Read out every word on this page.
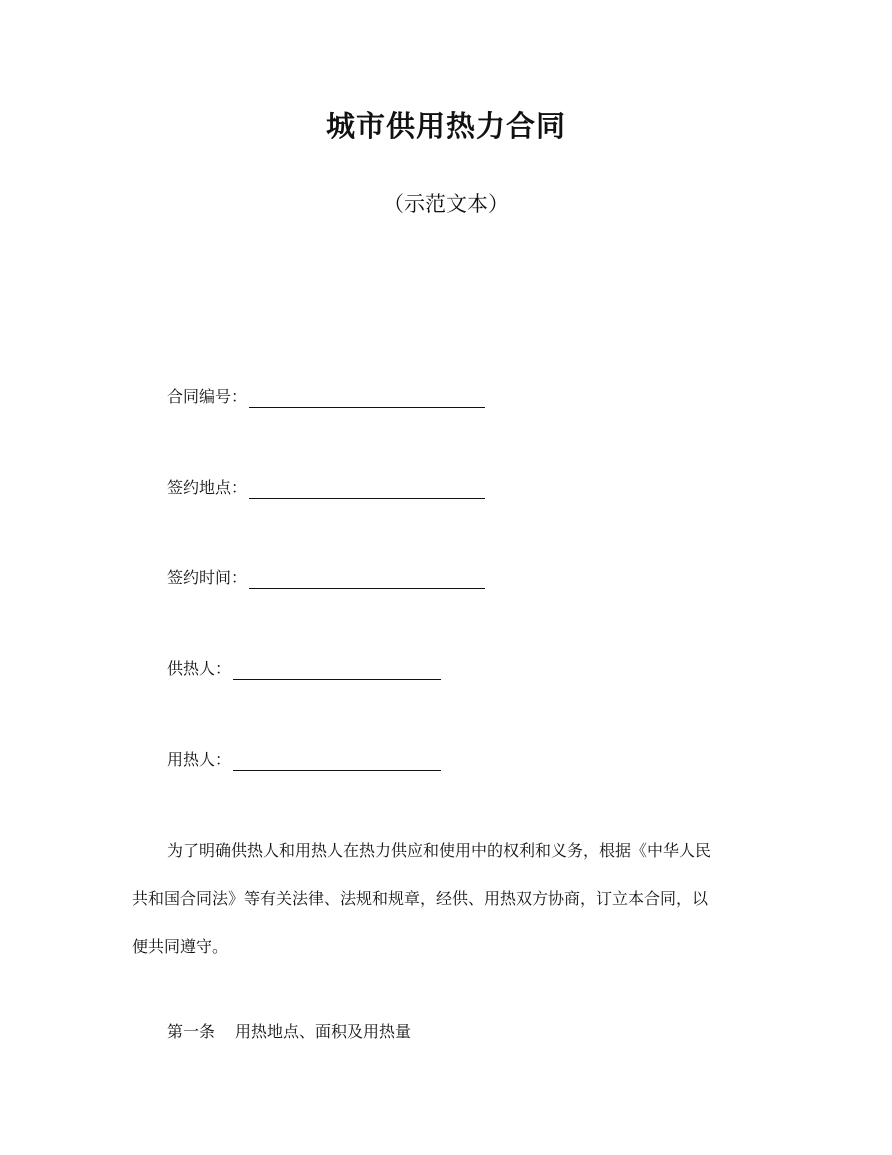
城市供用热力合同
（示范文本）
合同编号：
签约地点：
签约时间：
供热人：
用热人：
为了明确供热人和用热人在热力供应和使用中的权利和义务，根据《中华人民
共和国合同法》等有关法律、法规和规章，经供、用热双方协商，订立本合同，以
便共同遵守。
第一条 用热地点、面积及用热量
